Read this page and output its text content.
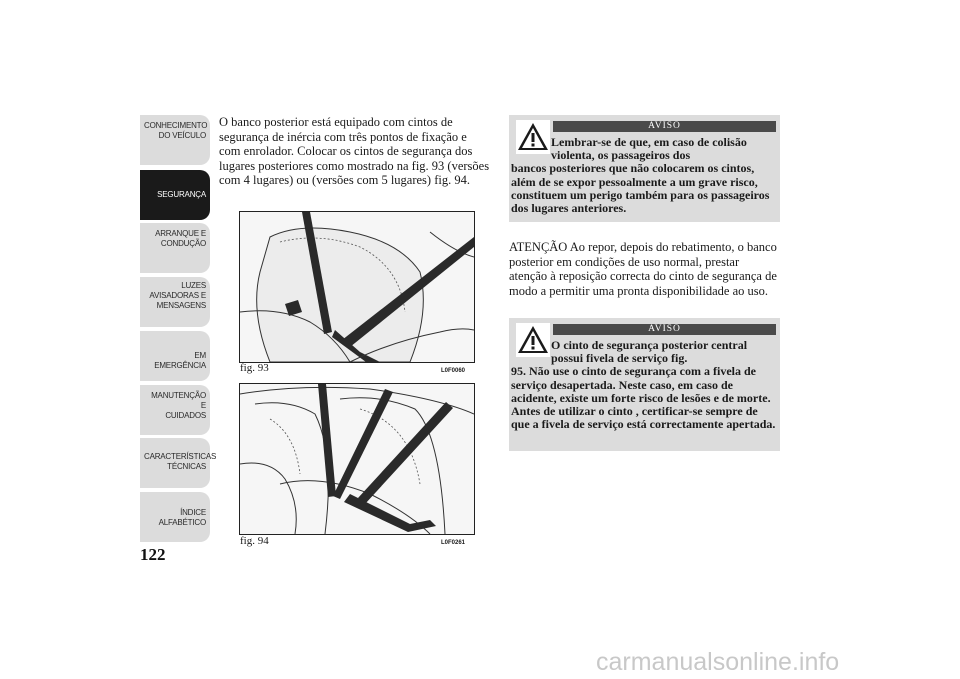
CONHECIMENTO
DO VEÍCULO
SEGURANÇA
ARRANQUE E
CONDUÇÃO
LUZES
AVISADORAS E
MENSAGENS
EM EMERGÊNCIA
MANUTENÇÃO E
CUIDADOS
CARACTERÍSTICAS
TÉCNICAS
ÍNDICE
ALFABÉTICO
122

O banco posterior está equipado com cintos de segurança de inércia com três pontos de fixação e com enrolador. Colocar os cintos de segurança dos lugares posteriores como mostrado na fig. 93 (versões com 4 lugares) ou (versões com 5 lugares) fig. 94.

fig. 93	L0F0060
fig. 94	L0F0261
AVISO

Lembrar-se de que, em caso de colisão violenta, os passageiros dos
bancos posteriores que não colocarem os cintos, além de se expor pessoalmente a um grave risco, constituem um perigo também para os passageiros dos lugares anteriores.

ATENÇÃO Ao repor, depois do rebatimento, o banco posterior em condições de uso normal, prestar atenção à reposição correcta do cinto de segurança de modo a permitir uma pronta disponibilidade ao uso.

AVISO

O cinto de segurança posterior central possui fivela de serviço fig.
95. Não use o cinto de segurança com a fivela de serviço desapertada. Neste caso, em caso de acidente, existe um forte risco de lesões e de morte. Antes de utilizar o cinto , certificar-se sempre de que a fivela de serviço está correctamente apertada.

carmanualsonline.info
